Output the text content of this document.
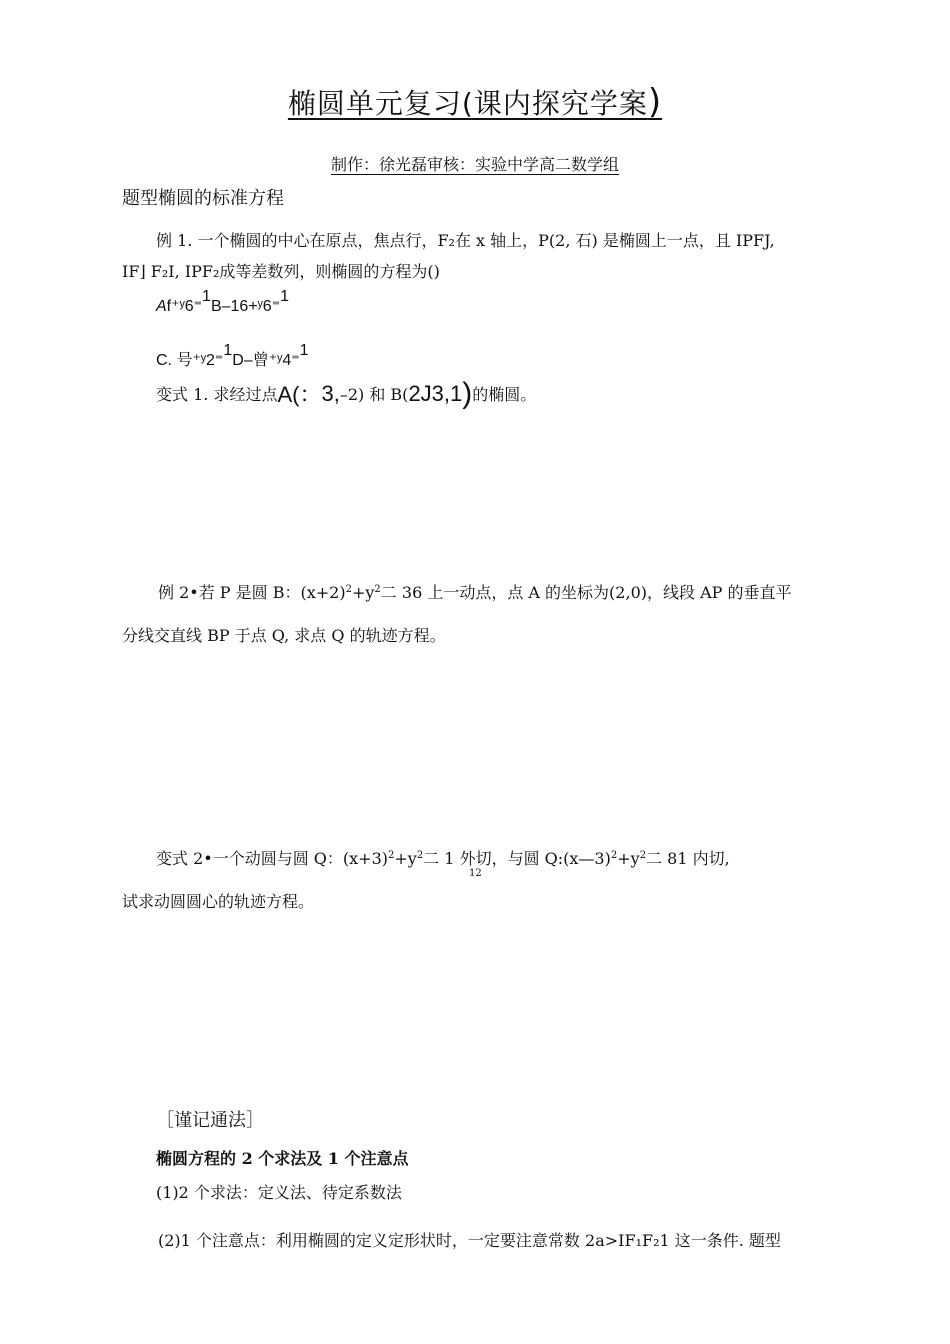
椭圆单元复习(课内探究学案)
制作：徐光磊审核：实验中学高二数学组
题型椭圆的标准方程
例 1. 一个椭圆的中心在原点，焦点行，F₂在 x 轴上，P(2, 石) 是椭圆上一点，且 IPFJ,
IF⌋ F₂I, IPF₂成等差数列，则椭圆的方程为()
Af⁺ʸ6⁼1B–16+ʸ6⁼1
C. 号⁺ʸ2⁼1D–曾⁺ʸ4⁼1
变式 1. 求经过点 A(： 3, –2) 和 B( 2J3,1 ) 的椭圆。
例 2•若 P 是圆 B：$(x+2)^2+y^2$二 36 上一动点，点 A 的坐标为(2,0)，线段 AP 的垂直平
分线交直线 BP 于点 Q, 求点 Q 的轨迹方程。
变式 2•一个动圆与圆 Q：$(x+3)^2+y^2$二 1 外切，与圆 $Q:(x—3)^2+y^2$二 81 内切,
12
试求动圆圆心的轨迹方程。
［谨记通法］
椭圆方程的 2 个求法及 1 个注意点
(1)2 个求法：定义法、待定系数法
(2)1 个注意点：利用椭圆的定义定形状时，一定要注意常数 2a>IF₁F₂1 这一条件. 题型
